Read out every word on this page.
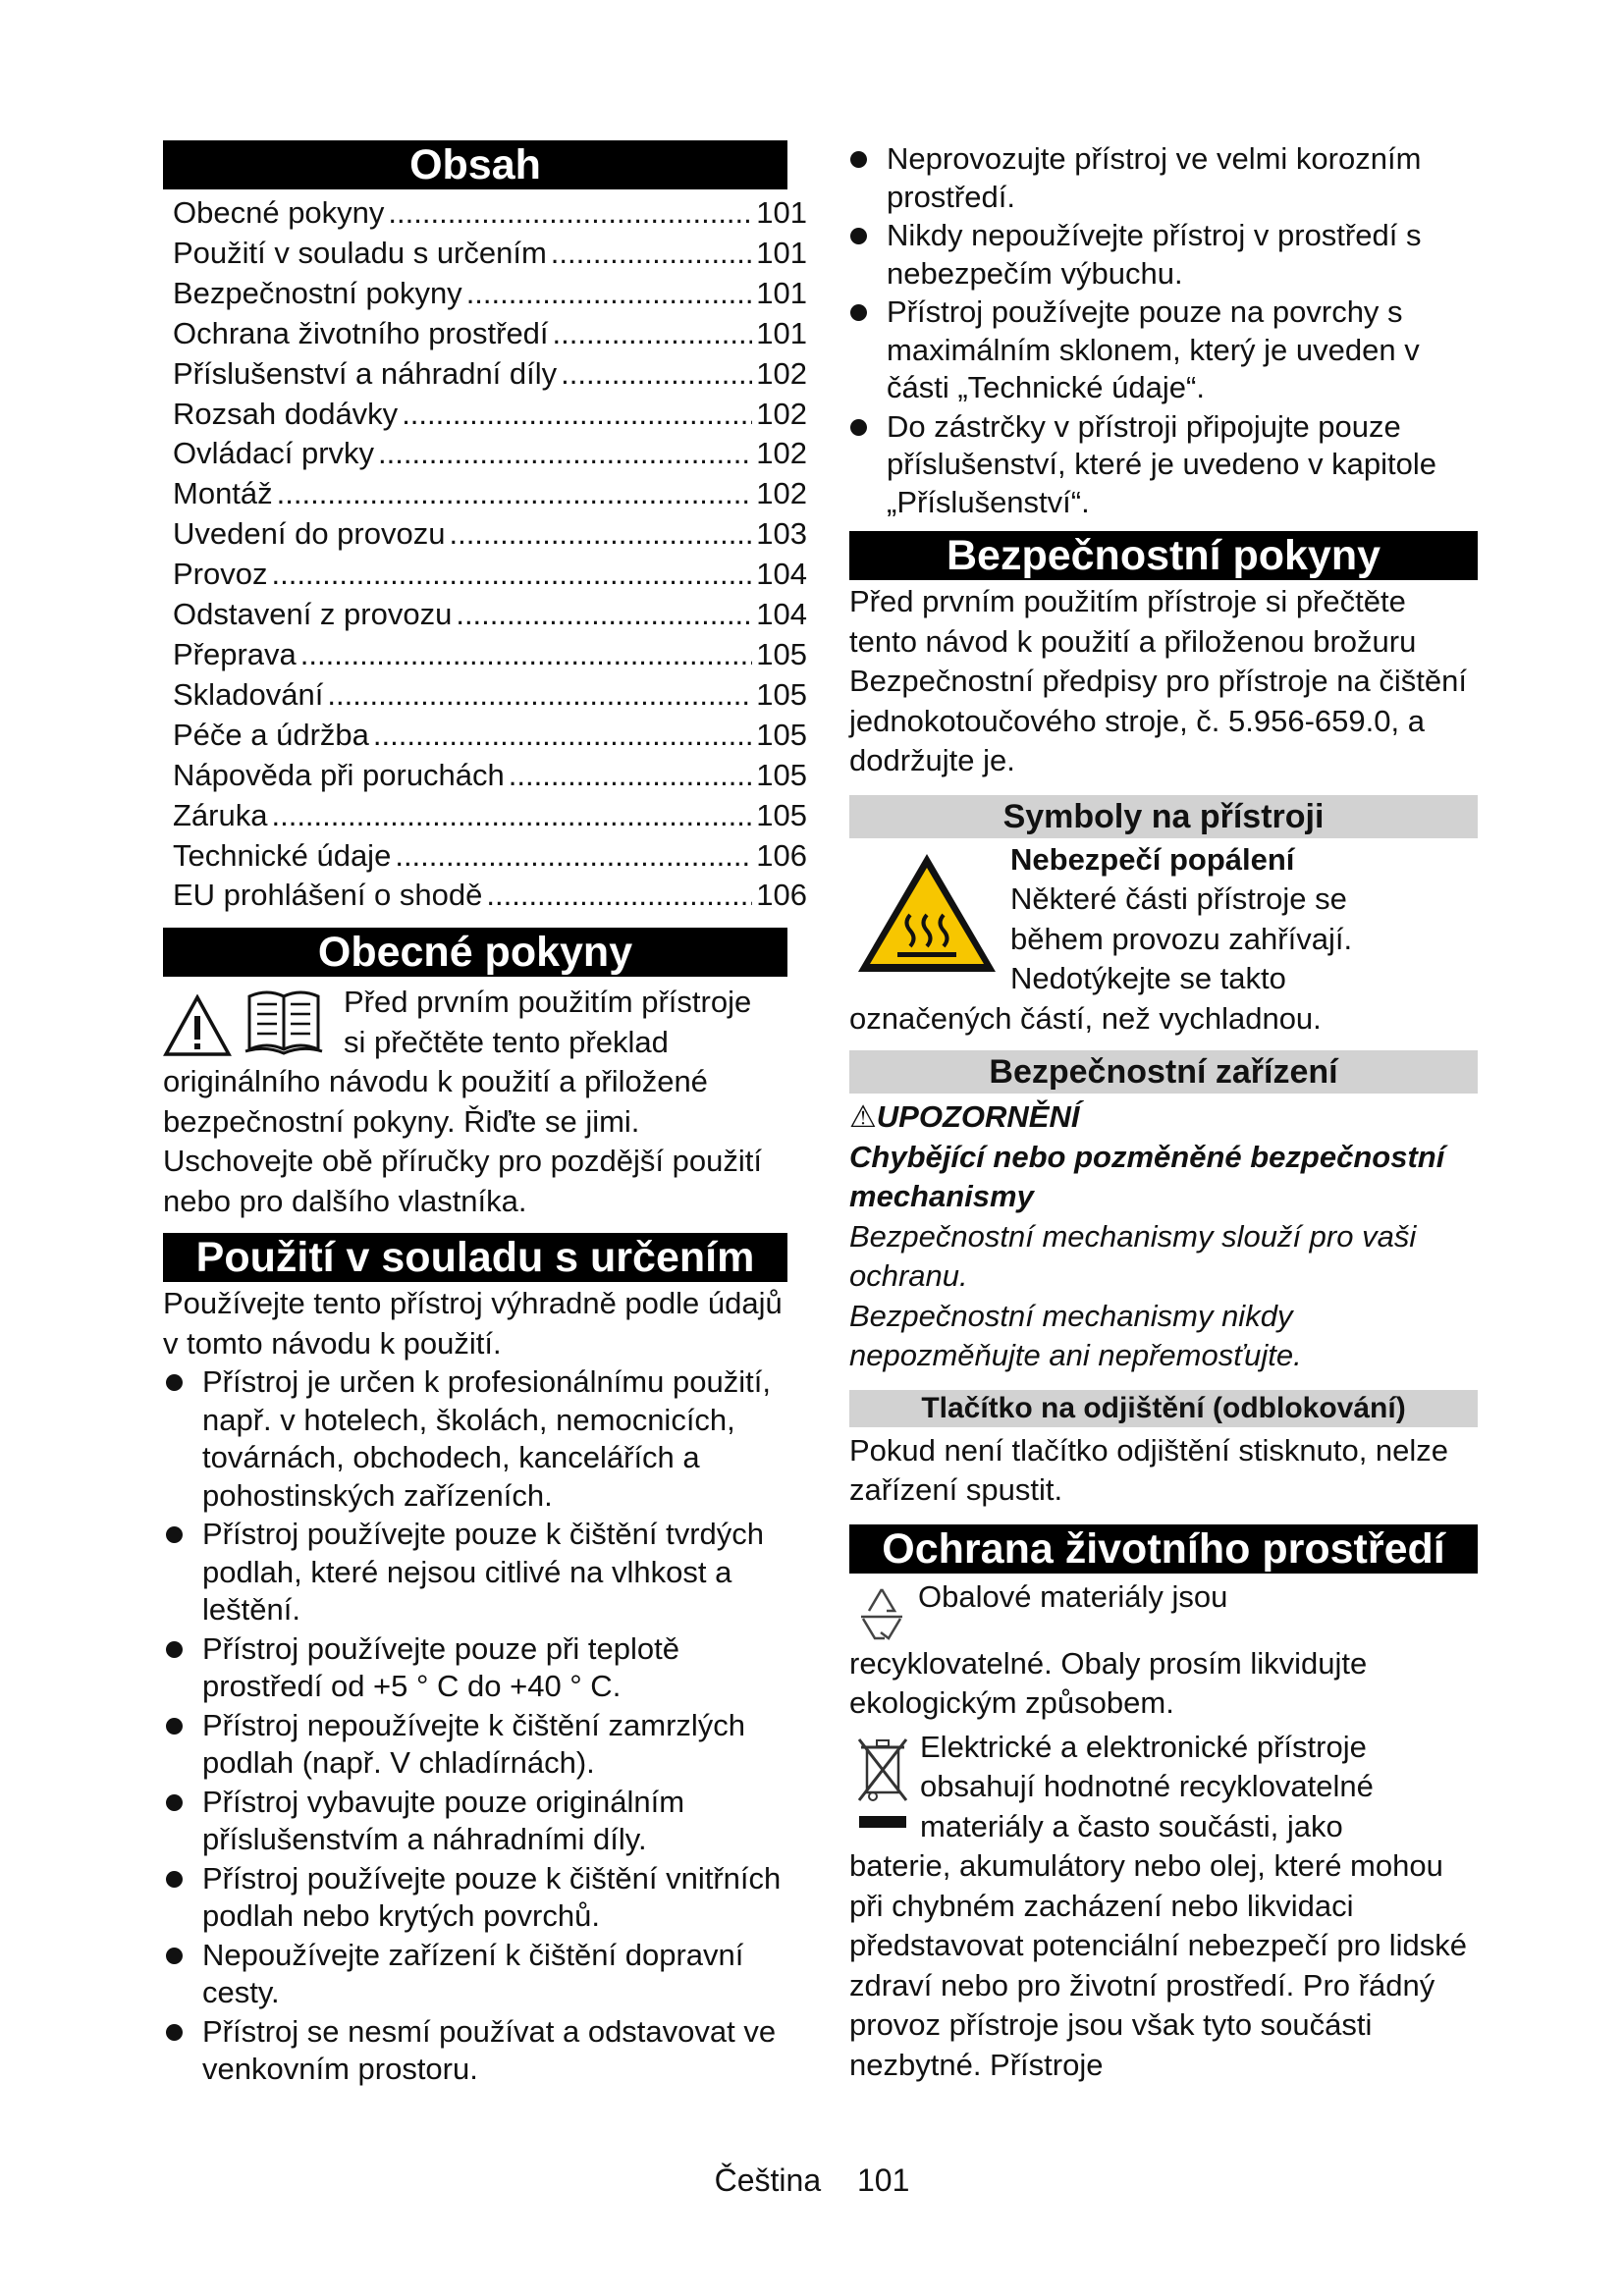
Obsah
Obecné pokyny .....	101
Použití v souladu s určením .....	101
Bezpečnostní pokyny .....	101
Ochrana životního prostředí .....	101
Příslušenství a náhradní díly .....	102
Rozsah dodávky .....	102
Ovládací prvky .....	102
Montáž .....	102
Uvedení do provozu .....	103
Provoz .....	104
Odstavení z provozu .....	104
Přeprava .....	105
Skladování .....	105
Péče a údržba .....	105
Nápověda při poruchách .....	105
Záruka .....	105
Technické údaje .....	106
EU prohlášení o shodě .....	106
Obecné pokyny

Před prvním použitím přístroje

si přečtěte tento překlad

originálního návodu k použití a přiložené bezpečnostní pokyny. Řiďte se jimi. Uschovejte obě příručky pro pozdější použití nebo pro dalšího vlastníka.

Použití v souladu s určením

Používejte tento přístroj výhradně podle údajů v tomto návodu k použití.

Přístroj je určen k profesionálnímu použití, např. v hotelech, školách, nemocnicích, továrnách, obchodech, kancelářích a pohostinských zařízeních.
Přístroj používejte pouze k čištění tvrdých podlah, které nejsou citlivé na vlhkost a leštění.
Přístroj používejte pouze při teplotě prostředí od +5 ° C do +40 ° C.
Přístroj nepoužívejte k čištění zamrzlých podlah (např. V chladírnách).
Přístroj vybavujte pouze originálním příslušenstvím a náhradními díly.
Přístroj používejte pouze k čištění vnitřních podlah nebo krytých povrchů.
Nepoužívejte zařízení k čištění dopravní cesty.
Přístroj se nesmí používat a odstavovat ve venkovním prostoru.
Neprovozujte přístroj ve velmi korozním prostředí.
Nikdy nepoužívejte přístroj v prostředí s nebezpečím výbuchu.
Přístroj používejte pouze na povrchy s maximálním sklonem, který je uveden v části „Technické údaje“.
Do zástrčky v přístroji připojujte pouze příslušenství, které je uvedeno v kapitole „Příslušenství“.
Bezpečnostní pokyny

Před prvním použitím přístroje si přečtěte tento návod k použití a přiloženou brožuru Bezpečnostní předpisy pro přístroje na čištění jednokotoučového stroje, č. 5.956-659.0, a dodržujte je.

Symboly na přístroji

Nebezpečí popálení

Některé části přístroje se

během provozu zahřívají.

Nedotýkejte se takto

označených částí, než vychladnou.

Bezpečnostní zařízení

⚠UPOZORNĚNÍ

Chybějící nebo pozměněné bezpečnostní mechanismy

Bezpečnostní mechanismy slouží pro vaši ochranu.

Bezpečnostní mechanismy nikdy nepozměňujte ani nepřemosťujte.

Tlačítko na odjištění (odblokování)

Pokud není tlačítko odjištění stisknuto, nelze zařízení spustit.

Ochrana životního prostředí

Obalové materiály jsou

recyklovatelné. Obaly prosím likvidujte ekologickým způsobem.

Elektrické a elektronické přístroje

obsahují hodnotné recyklovatelné

materiály a často součásti, jako

baterie, akumulátory nebo olej, které mohou při chybném zacházení nebo likvidaci představovat potenciální nebezpečí pro lidské zdraví nebo pro životní prostředí. Pro řádný provoz přístroje jsou však tyto součásti nezbytné. Přístroje

Čeština 101
